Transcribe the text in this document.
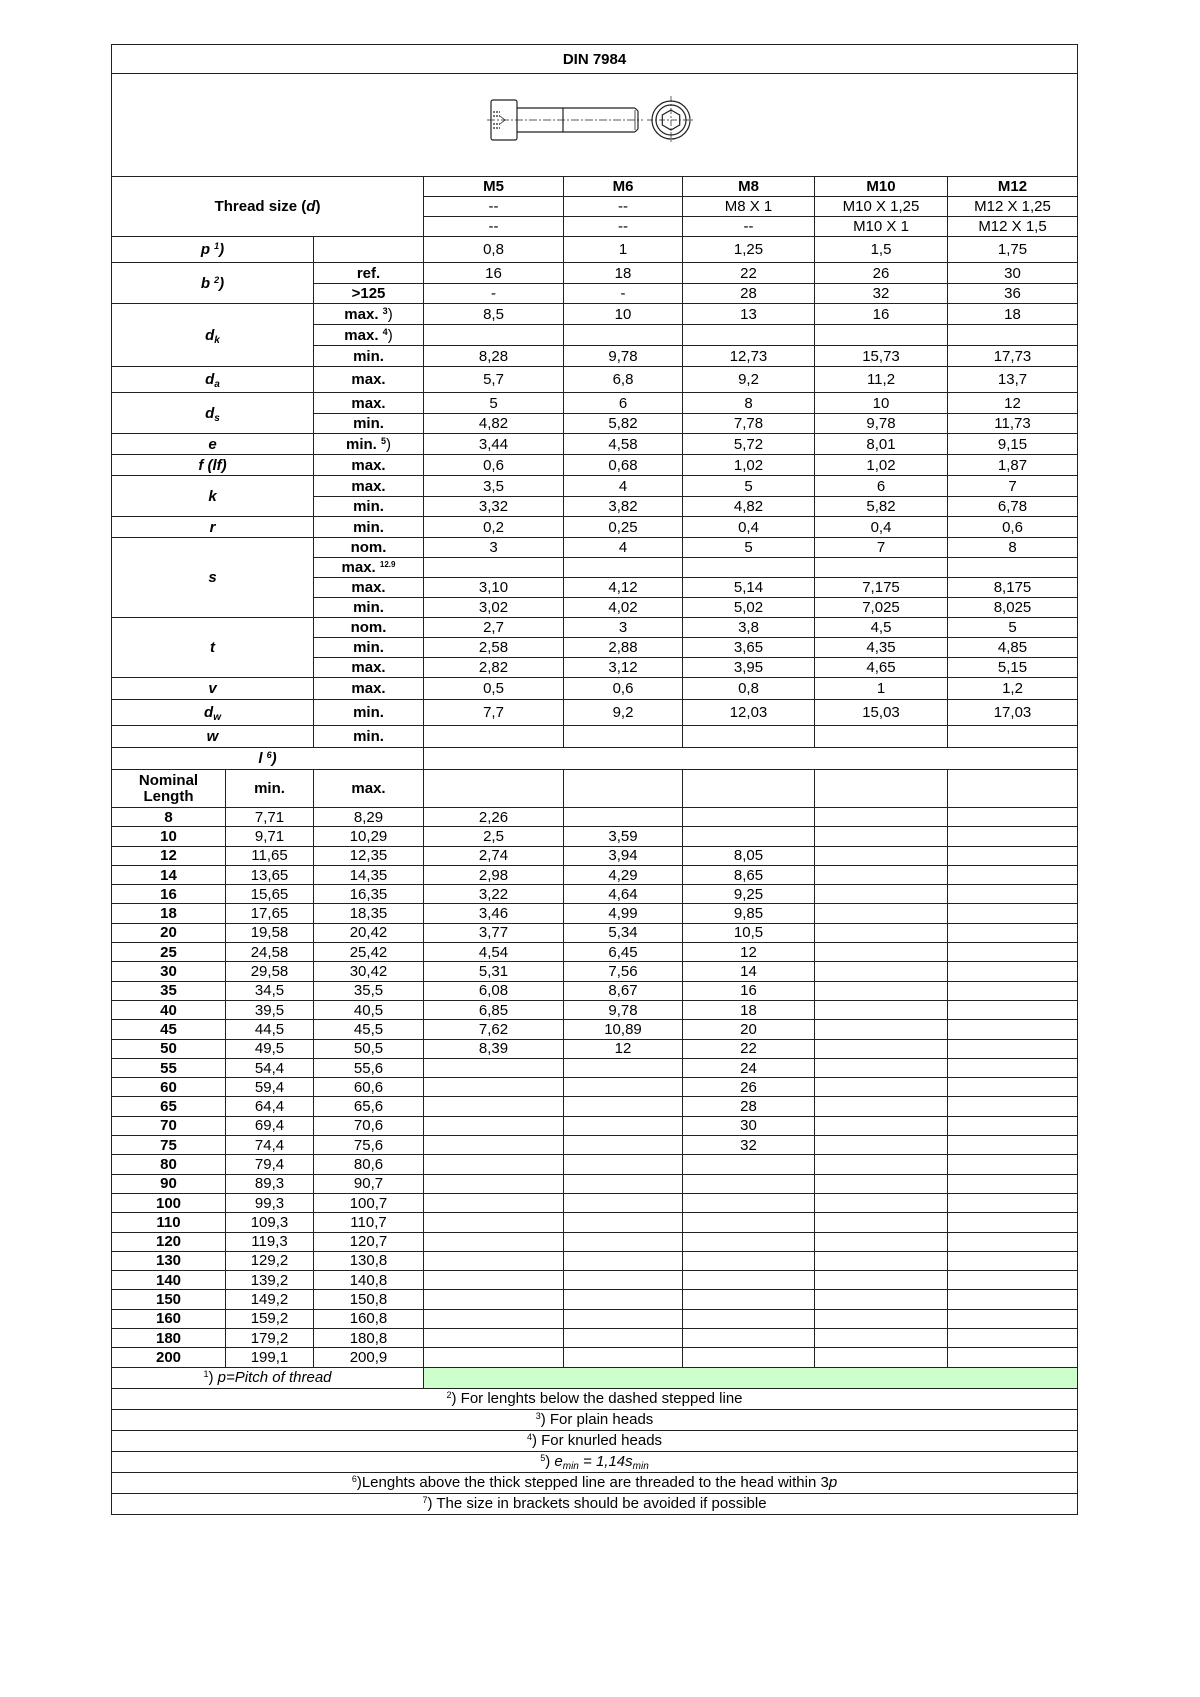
DIN 7984							

Thread size (d)			M5	M6	M8	M10	M12
			--	--	M8 X 1	M10 X 1,25	M12 X 1,25
			--	--	--	M10 X 1	M12 X 1,5
p $^1$)			0,8	1	1,25	1,5	1,75
b $^2$)		ref.	16	18	22	26	30
		>125	-	-	28	32	36
$d_k$		max. $^3$)	8,5	10	13	16	18
		max. $^4$)					
		min.	8,28	9,78	12,73	15,73	17,73
$d_a$		max.	5,7	6,8	9,2	11,2	13,7
$d_s$		max.	5	6	8	10	12
		min.	4,82	5,82	7,78	9,78	11,73
e		min. $^5$)	3,44	4,58	5,72	8,01	9,15
f (lf)		max.	0,6	0,68	1,02	1,02	1,87
k		max.	3,5	4	5	6	7
		min.	3,32	3,82	4,82	5,82	6,78
r		min.	0,2	0,25	0,4	0,4	0,6
s		nom.	3	4	5	7	8
		max. $^{12.9}$					
		max.	3,10	4,12	5,14	7,175	8,175
		min.	3,02	4,02	5,02	7,025	8,025
t		nom.	2,7	3	3,8	4,5	5
		min.	2,58	2,88	3,65	4,35	4,85
		max.	2,82	3,12	3,95	4,65	5,15
v		max.	0,5	0,6	0,8	1	1,2
$d_w$		min.	7,7	9,2	12,03	15,03	17,03
w		min.					
l $^6$)							
Nominal Length	min.	max.					
8	7,71	8,29	2,26				
10	9,71	10,29	2,5	3,59			
12	11,65	12,35	2,74	3,94	8,05		
14	13,65	14,35	2,98	4,29	8,65		
16	15,65	16,35	3,22	4,64	9,25		
18	17,65	18,35	3,46	4,99	9,85		
20	19,58	20,42	3,77	5,34	10,5		
25	24,58	25,42	4,54	6,45	12		
30	29,58	30,42	5,31	7,56	14		
35	34,5	35,5	6,08	8,67	16		
40	39,5	40,5	6,85	9,78	18		
45	44,5	45,5	7,62	10,89	20		
50	49,5	50,5	8,39	12	22		
55	54,4	55,6			24		
60	59,4	60,6			26		
65	64,4	65,6			28		
70	69,4	70,6			30		
75	74,4	75,6			32		
80	79,4	80,6					
90	89,3	90,7					
100	99,3	100,7					
110	109,3	110,7					
120	119,3	120,7					
130	129,2	130,8					
140	139,2	140,8					
150	149,2	150,8					
160	159,2	160,8					
180	179,2	180,8					
200	199,1	200,9					
$^1$) p=Pitch of thread							
$^2$) For lenghts below the dashed stepped line							
$^3$) For plain heads							
$^4$) For knurled heads							
$^5$) $e_{min} = 1,14s_{min}$
$^6$)Lenghts above the thick stepped line are threaded to the head within 3p							
$^7$) The size in brackets should be avoided if possible							
